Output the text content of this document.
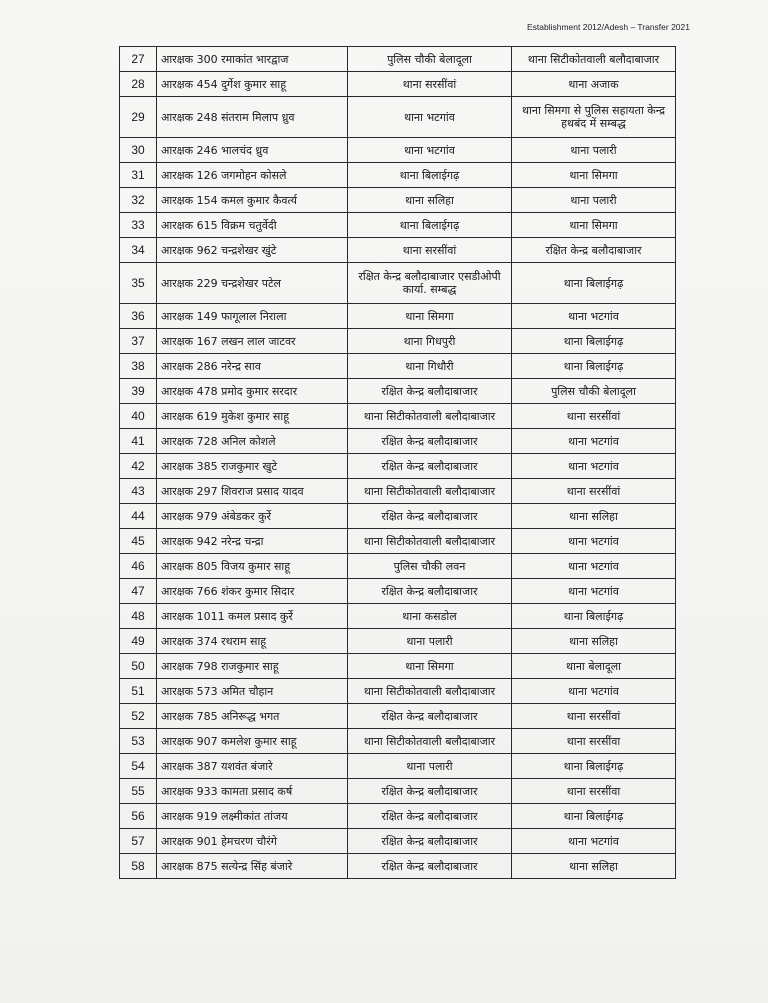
Establishment 2012/Adesh – Transfer 2021
27	आरक्षक 300 रमाकांत भारद्वाज	पुलिस चौकी बेलादूला	थाना सिटीकोतवाली बलौदाबाजार
28	आरक्षक 454 दुर्गेश कुमार साहू	थाना सरसींवां	थाना अजाक
29	आरक्षक 248 संतराम मिलाप ध्रुव	थाना भटगांव	थाना सिमगा से पुलिस सहायता केन्द्र हथबंद में सम्बद्ध
30	आरक्षक 246 भालचंद ध्रुव	थाना भटगांव	थाना पलारी
31	आरक्षक 126 जगमोहन कोसले	थाना बिलाईगढ़	थाना सिमगा
32	आरक्षक 154 कमल कुमार कैवर्त्य	थाना सलिहा	थाना पलारी
33	आरक्षक 615 विक्रम चतुर्वेदी	थाना बिलाईगढ़	थाना सिमगा
34	आरक्षक 962 चन्द्रशेखर खुंटे	थाना सरसींवां	रक्षित केन्द्र बलौदाबाजार
35	आरक्षक 229 चन्द्रशेखर पटेल	रक्षित केन्द्र बलौदाबाजार एसडीओपी कार्या. सम्बद्ध	थाना बिलाईगढ़
36	आरक्षक 149 फागूलाल निराला	थाना सिमगा	थाना भटगांव
37	आरक्षक 167 लखन लाल जाटवर	थाना गिधपुरी	थाना बिलाईगढ़
38	आरक्षक 286 नरेन्द्र साव	थाना गिधौरी	थाना बिलाईगढ़
39	आरक्षक 478 प्रमोद कुमार सरदार	रक्षित केन्द्र बलौदाबाजार	पुलिस चौकी बेलादूला
40	आरक्षक 619 मुकेश कुमार साहू	थाना सिटीकोतवाली बलौदाबाजार	थाना सरसींवां
41	आरक्षक 728 अनिल कोशले	रक्षित केन्द्र बलौदाबाजार	थाना भटगांव
42	आरक्षक 385 राजकुमार खुटे	रक्षित केन्द्र बलौदाबाजार	थाना भटगांव
43	आरक्षक 297 शिवराज प्रसाद यादव	थाना सिटीकोतवाली बलौदाबाजार	थाना सरसींवां
44	आरक्षक 979 अंबेडकर कुर्रे	रक्षित केन्द्र बलौदाबाजार	थाना सलिहा
45	आरक्षक 942 नरेन्द्र चन्द्रा	थाना सिटीकोतवाली बलौदाबाजार	थाना भटगांव
46	आरक्षक 805 विजय कुमार साहू	पुलिस चौकी लवन	थाना भटगांव
47	आरक्षक 766 शंकर कुमार सिदार	रक्षित केन्द्र बलौदाबाजार	थाना भटगांव
48	आरक्षक 1011 कमल प्रसाद कुर्रे	थाना कसडोल	थाना बिलाईगढ़
49	आरक्षक 374 रथराम साहू	थाना पलारी	थाना सलिहा
50	आरक्षक 798 राजकुमार साहू	थाना सिमगा	थाना बेलादूला
51	आरक्षक 573 अमित चौहान	थाना सिटीकोतवाली बलौदाबाजार	थाना भटगांव
52	आरक्षक 785 अनिरूद्ध भगत	रक्षित केन्द्र बलौदाबाजार	थाना सरसींवां
53	आरक्षक 907 कमलेश कुमार साहू	थाना सिटीकोतवाली बलौदाबाजार	थाना सरसींवा
54	आरक्षक 387 यशवंत बंजारे	थाना पलारी	थाना बिलाईगढ़
55	आरक्षक 933 कामता प्रसाद कर्ष	रक्षित केन्द्र बलौदाबाजार	थाना सरसींवा
56	आरक्षक 919 लक्ष्मीकांत तांजय	रक्षित केन्द्र बलौदाबाजार	थाना बिलाईगढ़
57	आरक्षक 901 हेमचरण चौरंगे	रक्षित केन्द्र बलौदाबाजार	थाना भटगांव
58	आरक्षक 875 सत्येन्द्र सिंह बंजारे	रक्षित केन्द्र बलौदाबाजार	थाना सलिहा
